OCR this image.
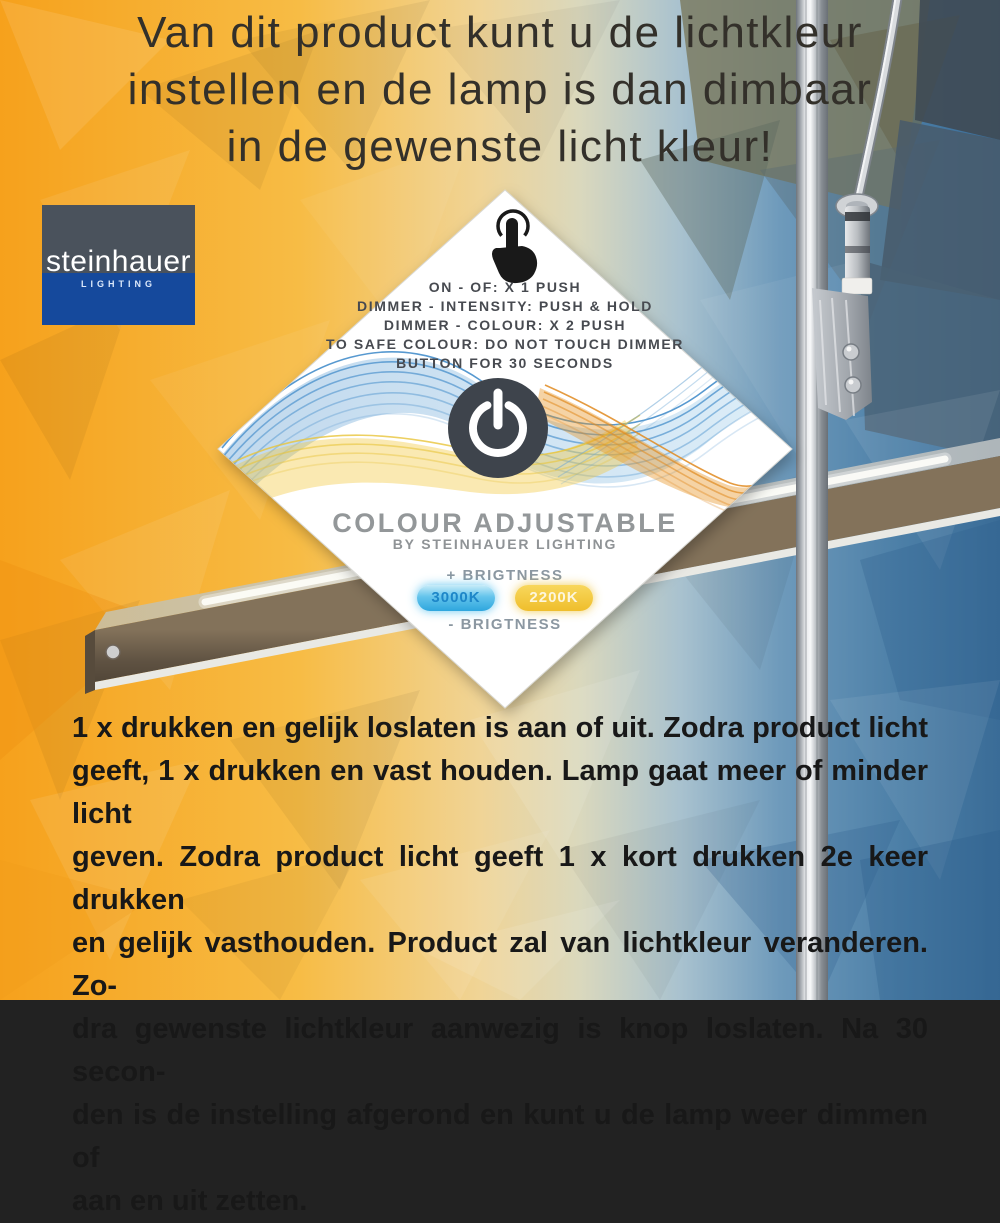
Van dit product kunt u de lichtkleur
instellen en de lamp is dan dimbaar
in de gewenste licht kleur!
steinhauer
LIGHTING	ON - OF: X 1 PUSH
DIMMER - INTENSITY: PUSH & HOLD
DIMMER - COLOUR: X 2 PUSH
TO SAFE COLOUR: DO NOT TOUCH DIMMER
BUTTON FOR 30 SECONDS
COLOUR ADJUSTABLE
BY STEINHAUER LIGHTING
+ BRIGTNESS
3000K	2200K
- BRIGTNESS
1 x drukken en gelijk loslaten is aan of uit. Zodra product licht
geeft, 1 x drukken en vast houden. Lamp gaat meer of minder licht
geven. Zodra product licht geeft 1 x kort drukken 2e keer drukken
en gelijk vasthouden. Product zal van lichtkleur veranderen. Zo-
dra gewenste lichtkleur aanwezig is knop loslaten. Na 30 secon-
den is de instelling afgerond en kunt u de lamp weer dimmen of
aan en uit zetten.
